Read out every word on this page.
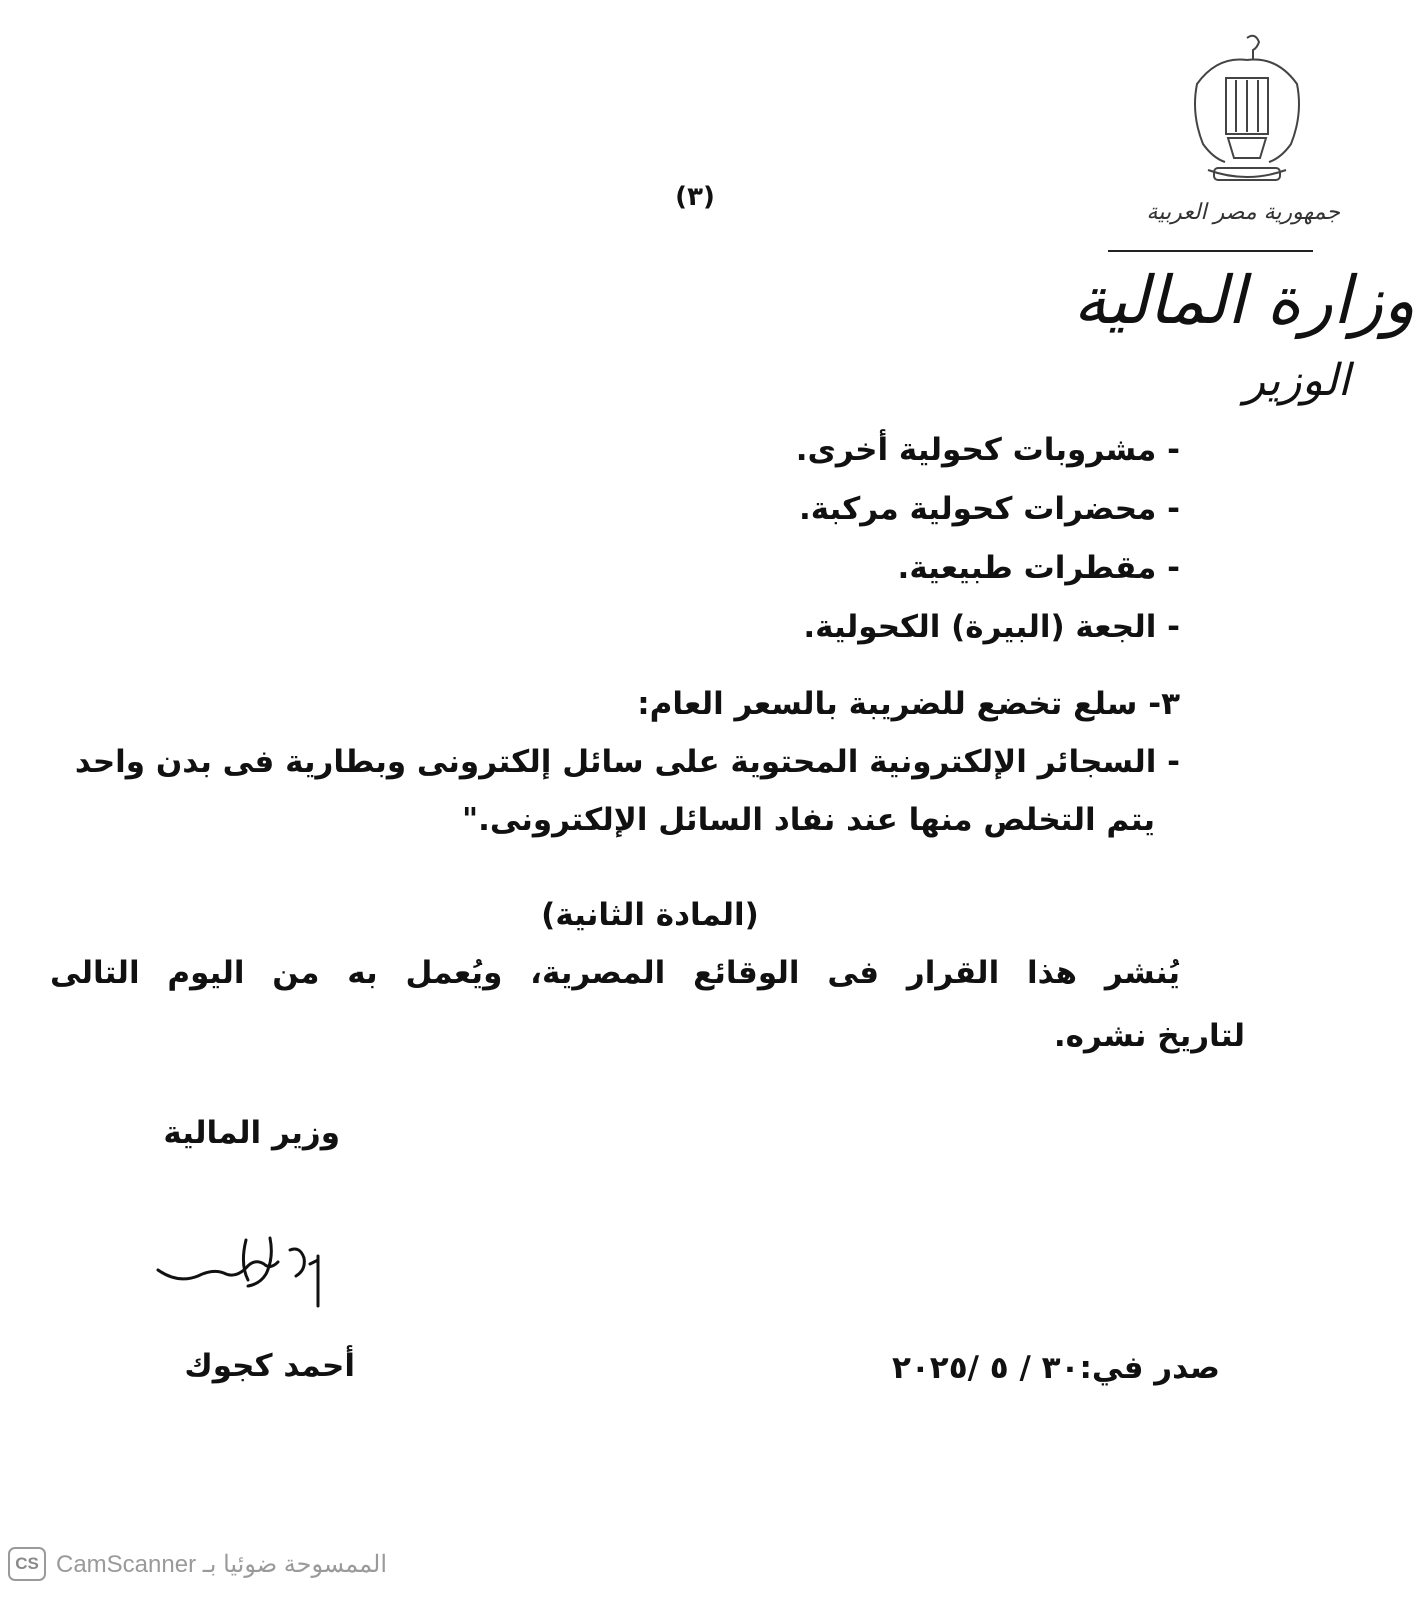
جمهورية مصر العربية
وزارة المالية
الوزير
(٣)
- مشروبات كحولية أخرى.
- محضرات كحولية مركبة.
- مقطرات طبيعية.
- الجعة (البيرة) الكحولية.
٣- سلع تخضع للضريبة بالسعر العام:
- السجائر الإلكترونية المحتوية على سائل إلكترونى وبطارية فى بدن واحد
يتم التخلص منها عند نفاد السائل الإلكترونى."
(المادة الثانية)
يُنشر هذا القرار فى الوقائع المصرية، ويُعمل به من اليوم التالى
لتاريخ نشره.
وزير المالية
أحمد كجوك	صدر في:٣٠ / ٥ /٢٠٢٥
CS CamScanner الممسوحة ضوئيا بـ
